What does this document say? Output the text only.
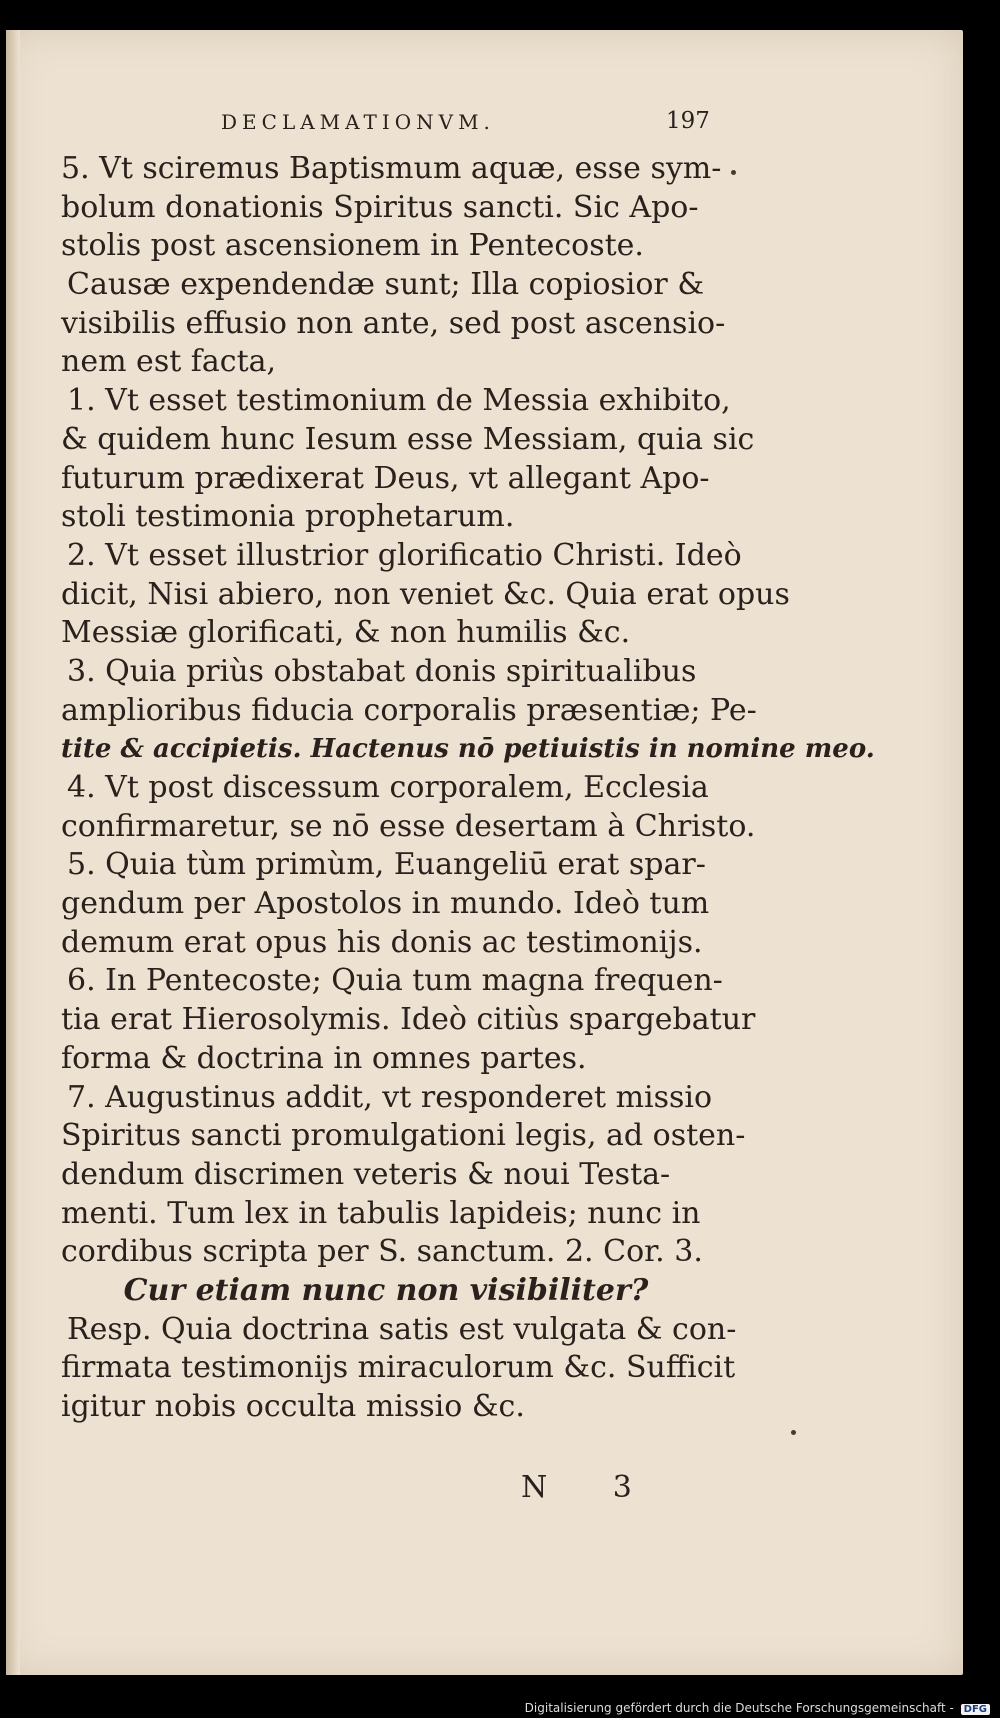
DECLAMATIONVM.	197
5. Vt sciremus Baptismum aquæ, esse sym-
bolum donationis Spiritus sancti. Sic Apo-
stolis post ascensionem in Pentecoste.
Causæ expendendæ sunt; Illa copiosior &
visibilis effusio non ante, sed post ascensio-
nem est facta,
1. Vt esset testimonium de Messia exhibito,
& quidem hunc Iesum esse Messiam, quia sic
futurum prædixerat Deus, vt allegant Apo-
stoli testimonia prophetarum.
2. Vt esset illustrior glorificatio Christi. Ideò
dicit, Nisi abiero, non veniet &c. Quia erat opus
Messiæ glorificati, & non humilis &c.
3. Quia priùs obstabat donis spiritualibus
amplioribus fiducia corporalis præsentiæ; Pe-
tite & accipietis. Hactenus nō petiuistis in nomine meo.
4. Vt post discessum corporalem, Ecclesia
confirmaretur, se nō esse desertam à Christo.
5. Quia tùm primùm, Euangeliū erat spar-
gendum per Apostolos in mundo. Ideò tum
demum erat opus his donis ac testimonijs.
6. In Pentecoste; Quia tum magna frequen-
tia erat Hierosolymis. Ideò citiùs spargebatur
forma & doctrina in omnes partes.
7. Augustinus addit, vt responderet missio
Spiritus sancti promulgationi legis, ad osten-
dendum discrimen veteris & noui Testa-
menti. Tum lex in tabulis lapideis; nunc in
cordibus scripta per S. sanctum. 2. Cor. 3.
Cur etiam nunc non visibiliter?
Resp. Quia doctrina satis est vulgata & con-
firmata testimonijs miraculorum &c. Sufficit
igitur nobis occulta missio &c.
N 3
Digitalisierung gefördert durch die Deutsche Forschungsgemeinschaft - DFG
